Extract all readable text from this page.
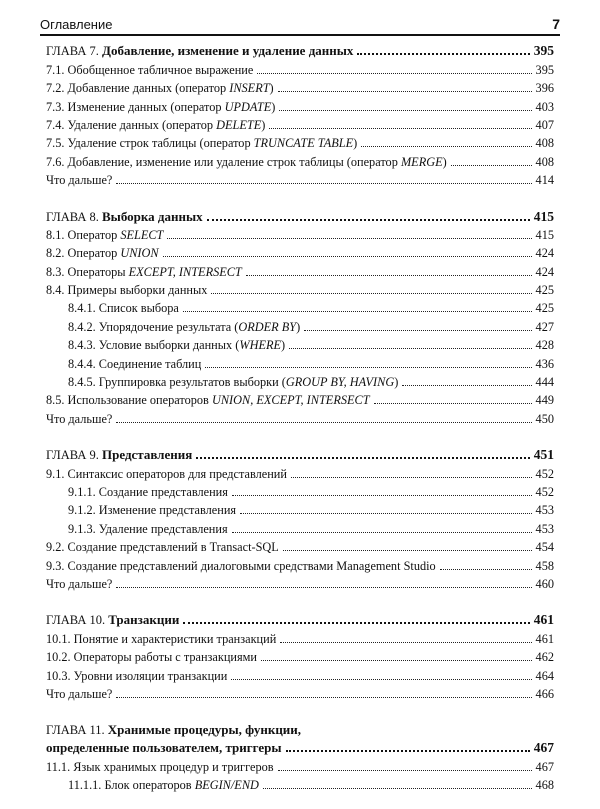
Оглавление	7
ГЛАВА 7. Добавление, изменение и удаление данных	395
7.1. Обобщенное табличное выражение	395
7.2. Добавление данных (оператор INSERT)	396
7.3. Изменение данных (оператор UPDATE)	403
7.4. Удаление данных (оператор DELETE)	407
7.5. Удаление строк таблицы (оператор TRUNCATE TABLE)	408
7.6. Добавление, изменение или удаление строк таблицы (оператор MERGE)	408
Что дальше?	414
ГЛАВА 8. Выборка данных	415
8.1. Оператор SELECT	415
8.2. Оператор UNION	424
8.3. Операторы EXCEPT, INTERSECT	424
8.4. Примеры выборки данных	425
8.4.1. Список выбора	425
8.4.2. Упорядочение результата (ORDER BY)	427
8.4.3. Условие выборки данных (WHERE)	428
8.4.4. Соединение таблиц	436
8.4.5. Группировка результатов выборки (GROUP BY, HAVING)	444
8.5. Использование операторов UNION, EXCEPT, INTERSECT	449
Что дальше?	450
ГЛАВА 9. Представления	451
9.1. Синтаксис операторов для представлений	452
9.1.1. Создание представления	452
9.1.2. Изменение представления	453
9.1.3. Удаление представления	453
9.2. Создание представлений в Transact-SQL	454
9.3. Создание представлений диалоговыми средствами Management Studio	458
Что дальше?	460
ГЛАВА 10. Транзакции	461
10.1. Понятие и характеристики транзакций	461
10.2. Операторы работы с транзакциями	462
10.3. Уровни изоляции транзакции	464
Что дальше?	466
ГЛАВА 11. Хранимые процедуры, функции,
определенные пользователем, триггеры	467
11.1. Язык хранимых процедур и триггеров	467
11.1.1. Блок операторов BEGIN/END	468
